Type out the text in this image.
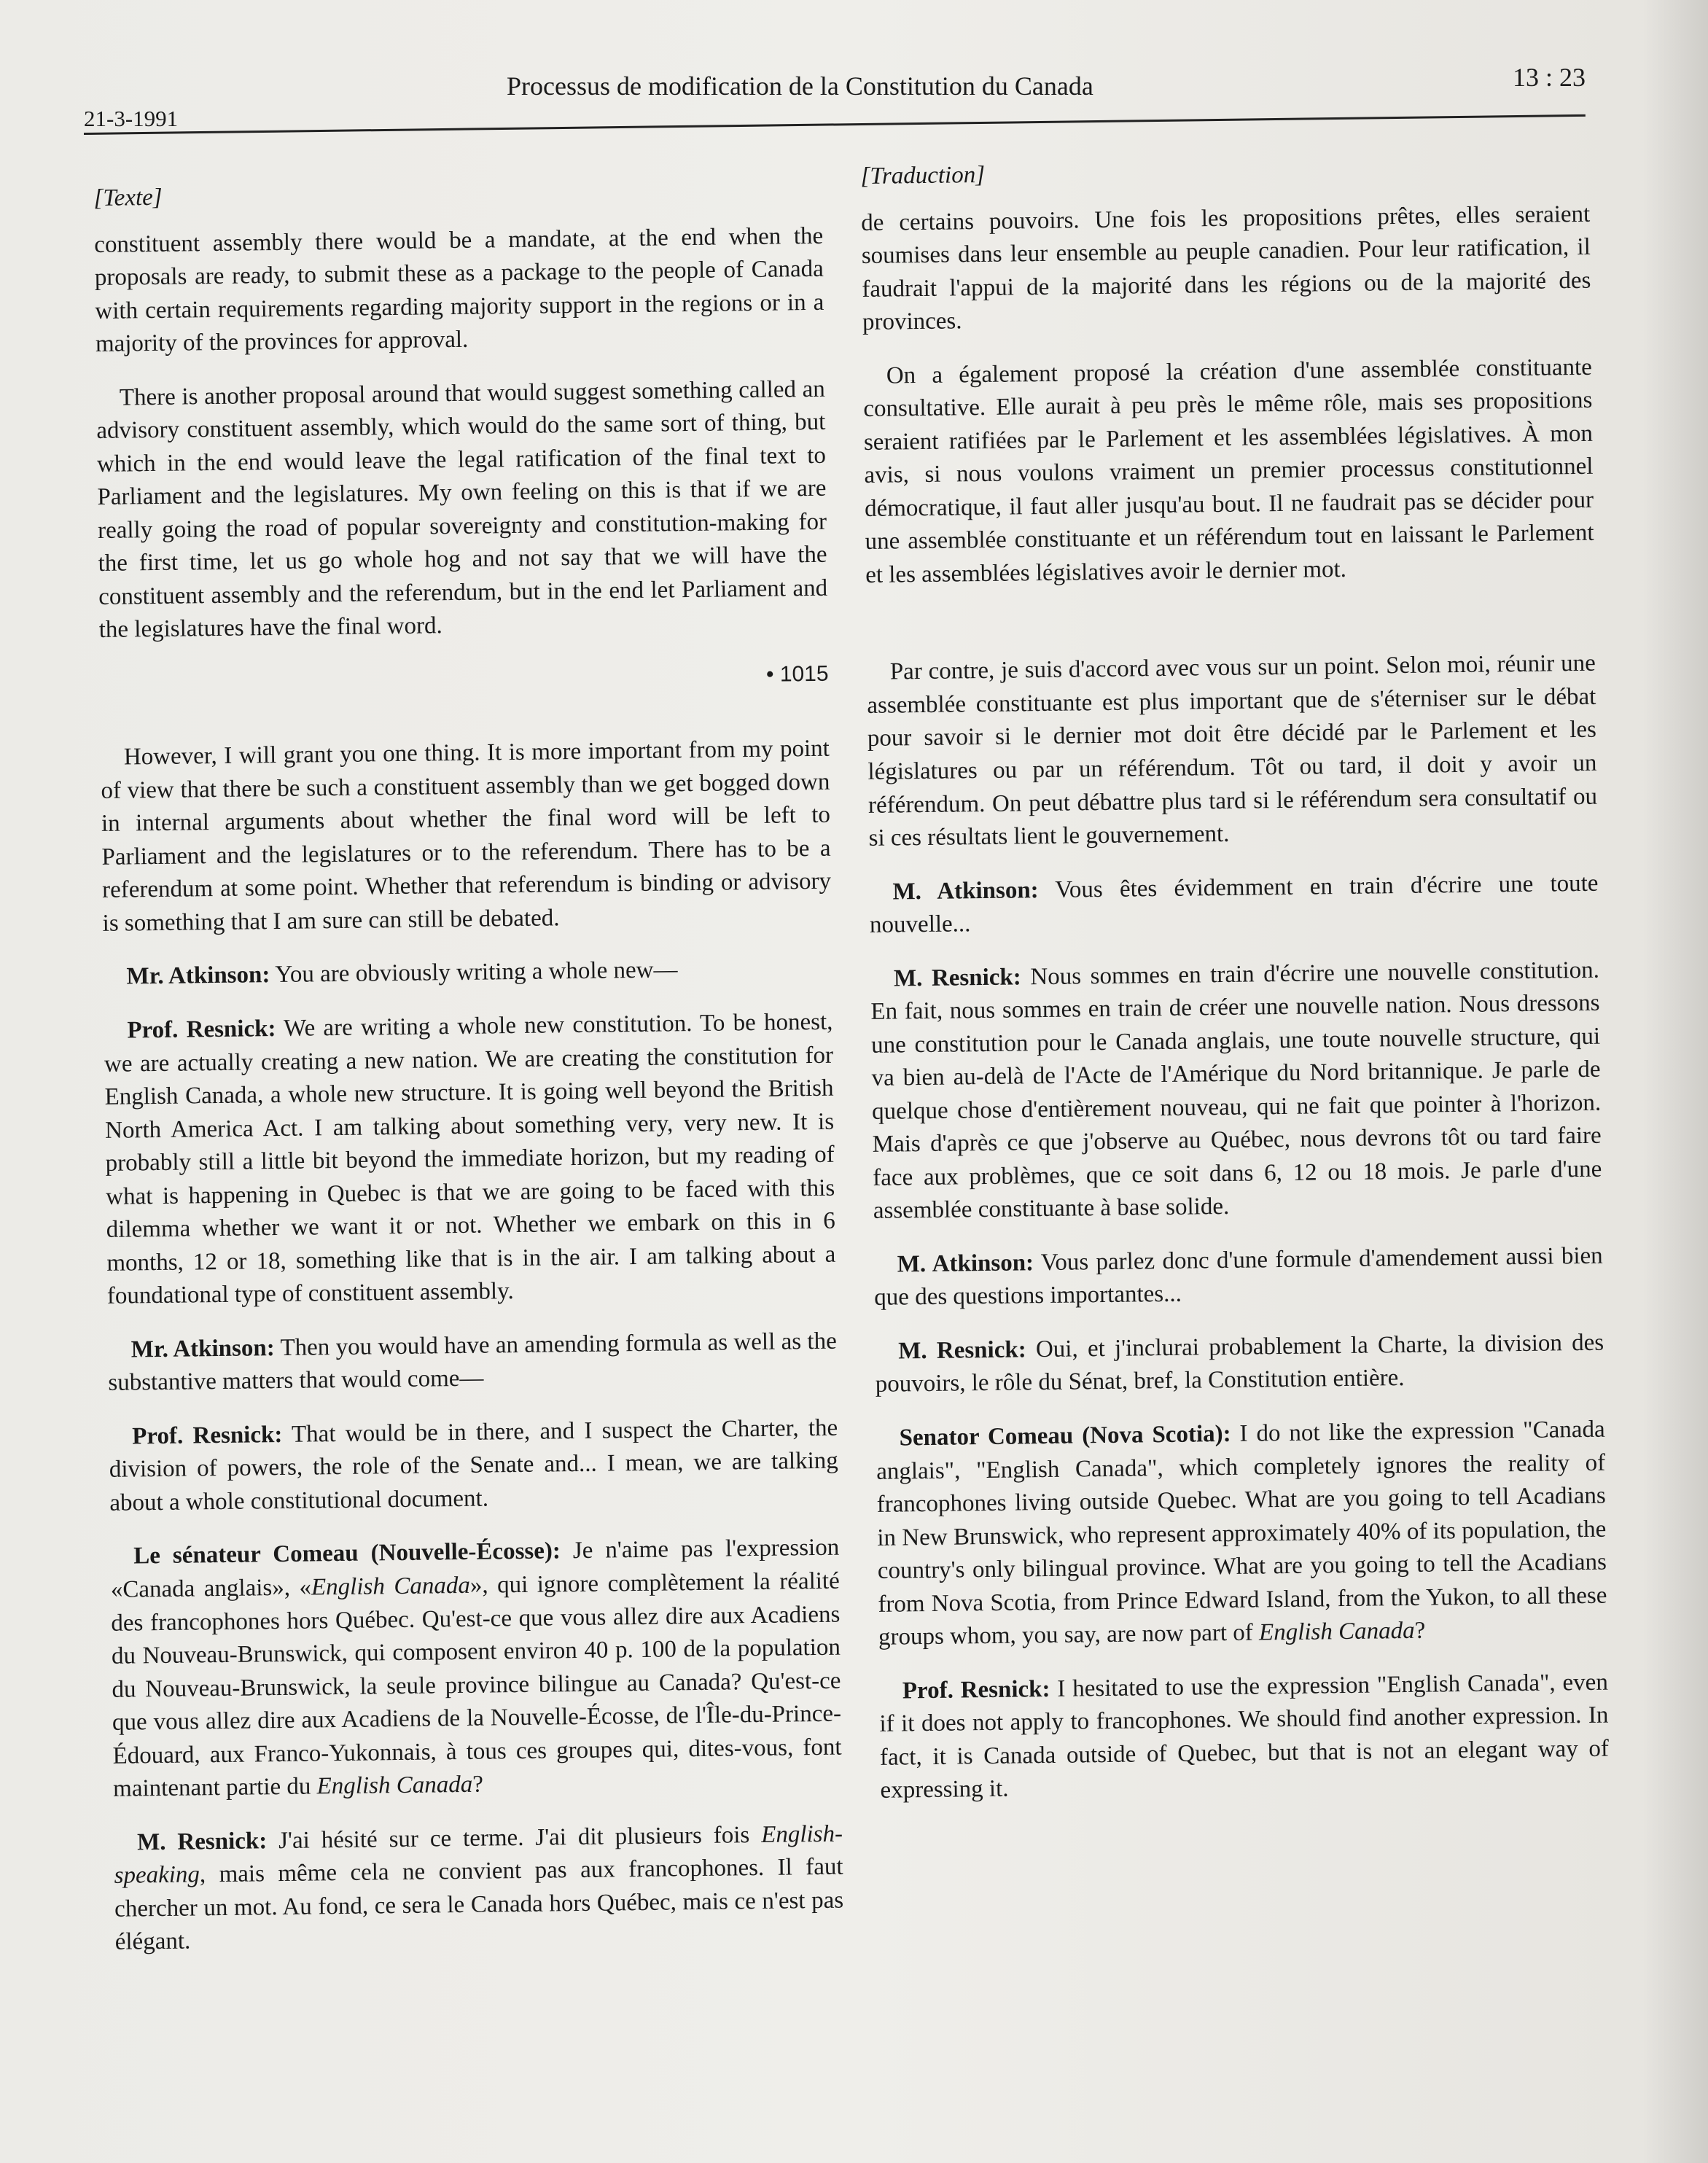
21-3-1991
Processus de modification de la Constitution du Canada	13 : 23
[Texte]

constituent assembly there would be a mandate, at the end when the proposals are ready, to submit these as a package to the people of Canada with certain requirements regarding majority support in the regions or in a majority of the provinces for approval.

There is another proposal around that would suggest something called an advisory constituent assembly, which would do the same sort of thing, but which in the end would leave the legal ratification of the final text to Parliament and the legislatures. My own feeling on this is that if we are really going the road of popular sovereignty and constitution-making for the first time, let us go whole hog and not say that we will have the constituent assembly and the referendum, but in the end let Parliament and the legislatures have the final word.

• 1015

However, I will grant you one thing. It is more important from my point of view that there be such a constituent assembly than we get bogged down in internal arguments about whether the final word will be left to Parliament and the legislatures or to the referendum. There has to be a referendum at some point. Whether that referendum is binding or advisory is something that I am sure can still be debated.

Mr. Atkinson: You are obviously writing a whole new—

Prof. Resnick: We are writing a whole new constitution. To be honest, we are actually creating a new nation. We are creating the constitution for English Canada, a whole new structure. It is going well beyond the British North America Act. I am talking about something very, very new. It is probably still a little bit beyond the immediate horizon, but my reading of what is happening in Quebec is that we are going to be faced with this dilemma whether we want it or not. Whether we embark on this in 6 months, 12 or 18, something like that is in the air. I am talking about a foundational type of constituent assembly.

Mr. Atkinson: Then you would have an amending formula as well as the substantive matters that would come—

Prof. Resnick: That would be in there, and I suspect the Charter, the division of powers, the role of the Senate and... I mean, we are talking about a whole constitutional document.

Le sénateur Comeau (Nouvelle-Écosse): Je n'aime pas l'expression «Canada anglais», «English Canada», qui ignore complètement la réalité des francophones hors Québec. Qu'est-ce que vous allez dire aux Acadiens du Nouveau-Brunswick, qui composent environ 40 p. 100 de la population du Nouveau-Brunswick, la seule province bilingue au Canada? Qu'est-ce que vous allez dire aux Acadiens de la Nouvelle-Écosse, de l'Île-du-Prince-Édouard, aux Franco-Yukonnais, à tous ces groupes qui, dites-vous, font maintenant partie du English Canada?

M. Resnick: J'ai hésité sur ce terme. J'ai dit plusieurs fois English-speaking, mais même cela ne convient pas aux francophones. Il faut chercher un mot. Au fond, ce sera le Canada hors Québec, mais ce n'est pas élégant.

[Traduction]

de certains pouvoirs. Une fois les propositions prêtes, elles seraient soumises dans leur ensemble au peuple canadien. Pour leur ratification, il faudrait l'appui de la majorité dans les régions ou de la majorité des provinces.

On a également proposé la création d'une assemblée constituante consultative. Elle aurait à peu près le même rôle, mais ses propositions seraient ratifiées par le Parlement et les assemblées législatives. À mon avis, si nous voulons vraiment un premier processus constitutionnel démocratique, il faut aller jusqu'au bout. Il ne faudrait pas se décider pour une assemblée constituante et un référendum tout en laissant le Parlement et les assemblées législatives avoir le dernier mot.

Par contre, je suis d'accord avec vous sur un point. Selon moi, réunir une assemblée constituante est plus important que de s'éterniser sur le débat pour savoir si le dernier mot doit être décidé par le Parlement et les législatures ou par un référendum. Tôt ou tard, il doit y avoir un référendum. On peut débattre plus tard si le référendum sera consultatif ou si ces résultats lient le gouvernement.

M. Atkinson: Vous êtes évidemment en train d'écrire une toute nouvelle...

M. Resnick: Nous sommes en train d'écrire une nouvelle constitution. En fait, nous sommes en train de créer une nouvelle nation. Nous dressons une constitution pour le Canada anglais, une toute nouvelle structure, qui va bien au-delà de l'Acte de l'Amérique du Nord britannique. Je parle de quelque chose d'entièrement nouveau, qui ne fait que pointer à l'horizon. Mais d'après ce que j'observe au Québec, nous devrons tôt ou tard faire face aux problèmes, que ce soit dans 6, 12 ou 18 mois. Je parle d'une assemblée constituante à base solide.

M. Atkinson: Vous parlez donc d'une formule d'amendement aussi bien que des questions importantes...

M. Resnick: Oui, et j'inclurai probablement la Charte, la division des pouvoirs, le rôle du Sénat, bref, la Constitution entière.

Senator Comeau (Nova Scotia): I do not like the expression "Canada anglais", "English Canada", which completely ignores the reality of francophones living outside Quebec. What are you going to tell Acadians in New Brunswick, who represent approximately 40% of its population, the country's only bilingual province. What are you going to tell the Acadians from Nova Scotia, from Prince Edward Island, from the Yukon, to all these groups whom, you say, are now part of English Canada?

Prof. Resnick: I hesitated to use the expression "English Canada", even if it does not apply to francophones. We should find another expression. In fact, it is Canada outside of Quebec, but that is not an elegant way of expressing it.
